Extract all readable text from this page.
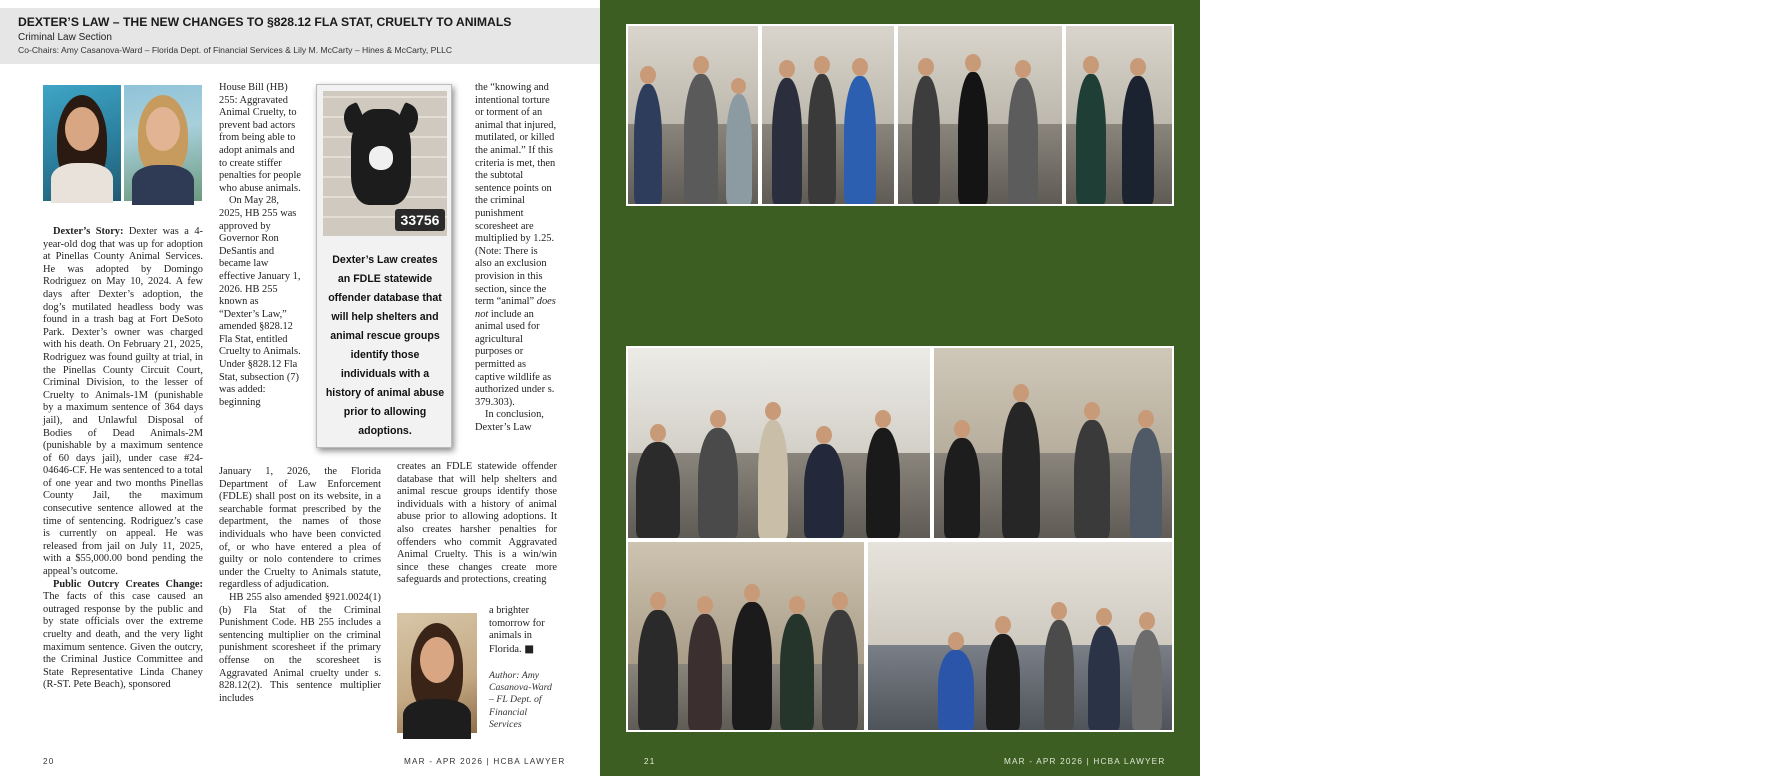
DEXTER’S LAW – THE NEW CHANGES TO §828.12 FLA STAT, CRUELTY TO ANIMALS
Criminal Law Section
Co-Chairs: Amy Casanova-Ward – Florida Dept. of Financial Services & Lily M. McCarty – Hines & McCarty, PLLC

Dexter’s Story: Dexter was a 4-year-old dog that was up for adoption at Pinellas County Animal Services. He was adopted by Domingo Rodriguez on May 10, 2024. A few days after Dexter’s adoption, the dog’s mutilated headless body was found in a trash bag at Fort DeSoto Park. Dexter’s owner was charged with his death. On February 21, 2025, Rodriguez was found guilty at trial, in the Pinellas County Circuit Court, Criminal Division, to the lesser of Cruelty to Animals-1M (punishable by a maximum sentence of 364 days jail), and Unlawful Disposal of Bodies of Dead Animals-2M (punishable by a maximum sentence of 60 days jail), under case #24-04646-CF. He was sentenced to a total of one year and two months Pinellas County Jail, the maximum consecutive sentence allowed at the time of sentencing. Rodriguez’s case is currently on appeal. He was released from jail on July 11, 2025, with a $55,000.00 bond pending the appeal’s outcome.

Public Outcry Creates Change: The facts of this case caused an outraged response by the public and by state officials over the extreme cruelty and death, and the very light maximum sentence. Given the outcry, the Criminal Justice Committee and State Representative Linda Chaney (R-ST. Pete Beach), sponsored

House Bill (HB) 255: Aggravated Animal Cruelty, to prevent bad actors from being able to adopt animals and to create stiffer penalties for people who abuse animals.

On May 28, 2025, HB 255 was approved by Governor Ron DeSantis and became law effective January 1, 2026. HB 255 known as “Dexter’s Law,” amended §828.12 Fla Stat, entitled Cruelty to Animals. Under §828.12 Fla Stat, subsection (7) was added: beginning

January 1, 2026, the Florida Department of Law Enforcement (FDLE) shall post on its website, in a searchable format prescribed by the department, the names of those individuals who have been convicted of, or who have entered a plea of guilty or nolo contendere to crimes under the Cruelty to Animals statute, regardless of adjudication.

HB 255 also amended §921.0024(1)(b) Fla Stat of the Criminal Punishment Code. HB 255 includes a sentencing multiplier on the criminal punishment scoresheet if the primary offense on the scoresheet is Aggravated Animal cruelty under s. 828.12(2). This sentence multiplier includes

33756
Dexter’s Law creates an FDLE statewide offender database that will help shelters and animal rescue groups identify those individuals with a history of animal abuse prior to allowing adoptions.

the “knowing and intentional torture or torment of an animal that injured, mutilated, or killed the animal.” If this criteria is met, then the subtotal sentence points on the criminal punishment scoresheet are multiplied by 1.25. (Note: There is also an exclusion provision in this section, since the term “animal” does not include an animal used for agricultural purposes or permitted as captive wildlife as authorized under s. 379.303).

In conclusion, Dexter’s Law

creates an FDLE statewide offender database that will help shelters and animal rescue groups identify those individuals with a history of animal abuse prior to allowing adoptions. It also creates harsher penalties for offenders who commit Aggravated Animal Cruelty. This is a win/win since these changes create more safeguards and protections, creating

a brighter tomorrow for animals in Florida. ■

Author: Amy Casanova-Ward – FL Dept. of Financial Services
20	MAR - APR 2026 | HCBA LAWYER
YLD Hosts Coffee at the Courthouse & Judicial Shadowing Day
The HCBA Young Lawyers Division, in partnership with the Hillsborough Association for Women Lawyers YLD, George Edgecomb Bar Association YLD, and Tampa Hispanic Bar Association YLD, hosted another successful Coffee at the Courthouse and Judicial Shadowing Day on January 27 at the George E. Edgecomb Courthouse. The program provided young lawyers the opportunity to meet and engage with judges of the 13th Judicial Circuit over breakfast and lunch, followed by a full day of judicial shadowing. The event offered valuable insight into the daily responsibilities of the judiciary and fostered meaningful connections between the Bench and Bar.
21	MAR - APR 2026 | HCBA LAWYER
